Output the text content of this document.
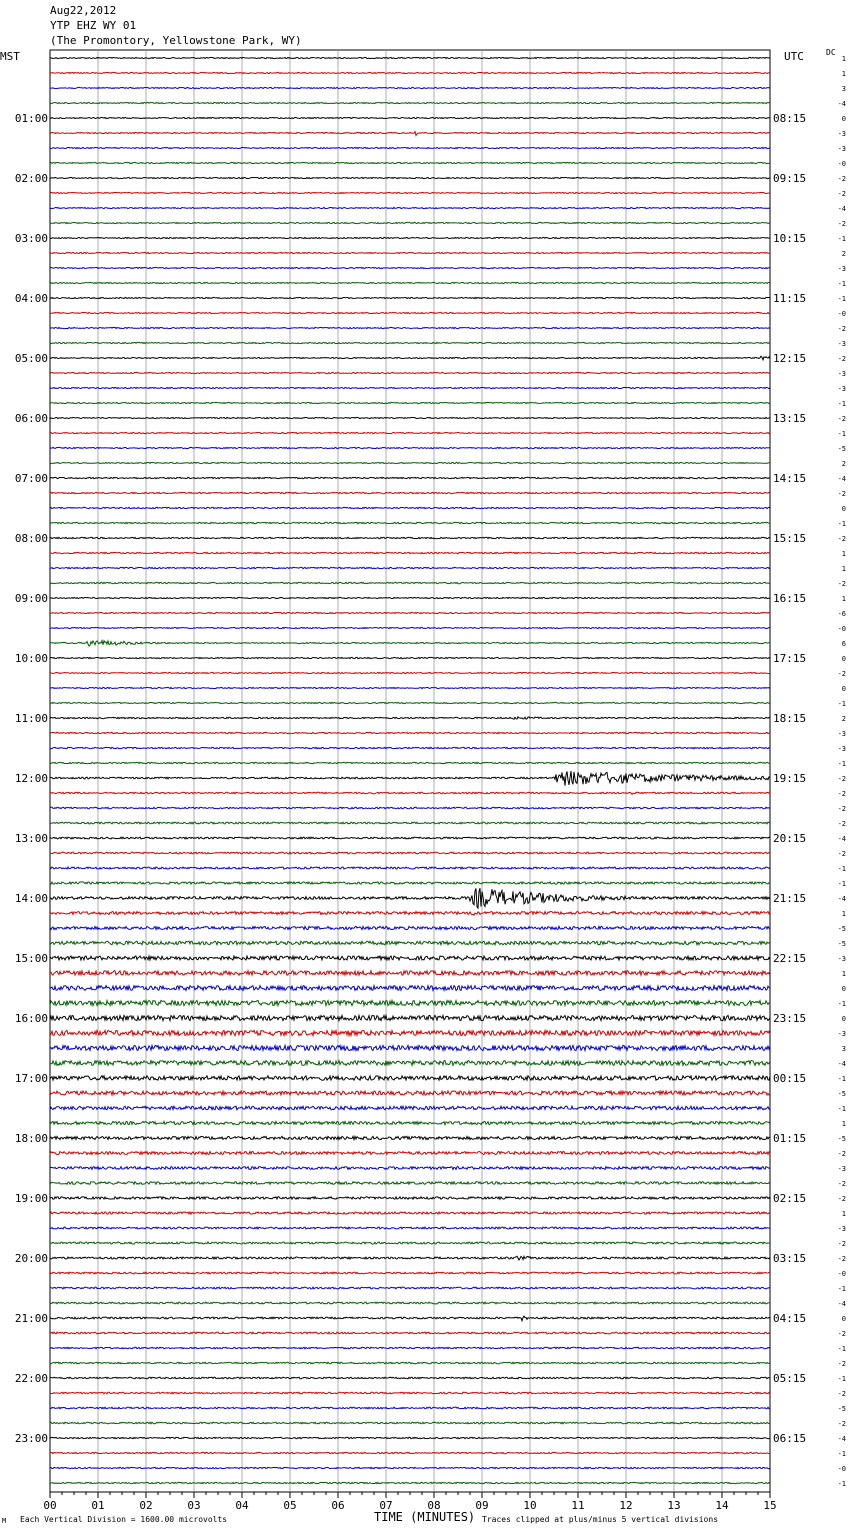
Aug22,2012
YTP EHZ WY 01
(The Promontory, Yellowstone Park, WY)
MST	UTC	DC
TIME (MINUTES)
Each Vertical Division = 1600.00 microvolts	Traces clipped at plus/minus 5 vertical divisions
M
00	01	02	03	04	05	06	07	08	09	10	11	12	13	14	15
01:00
02:00
03:00
04:00
05:00
06:00
07:00
08:00
09:00
10:00
11:00
12:00
13:00
14:00
15:00
16:00
17:00
18:00
19:00
20:00
21:00
22:00
23:00
08:15
09:15
10:15
11:15
12:15
13:15
14:15
15:15
16:15
17:15
18:15
19:15
20:15
21:15
22:15
23:15
00:15
01:15
02:15
03:15
04:15
05:15
06:15
1
1
3
-4
0
-3
-3
-0
-2
-2
-4
-2
-1
2
-3
-1
-1
-0
-2
-3
-2
-3
-3
-1
-2
-1
-5
2
-4
-2
0
-1
-2
1
1
-2
1
-6
-0
6
0
-2
0
-1
2
-3
-3
-1
-2
-2
-2
-2
-4
-2
-1
-1
-4
1
-5
-5
-3
1
0
-1
0
-3
3
-4
-1
-5
-1
1
-5
-2
-3
-2
-2
1
-3
-2
-2
-0
-1
-4
0
-2
-1
-2
-1
-2
-5
-2
-4
-1
-0
-1
